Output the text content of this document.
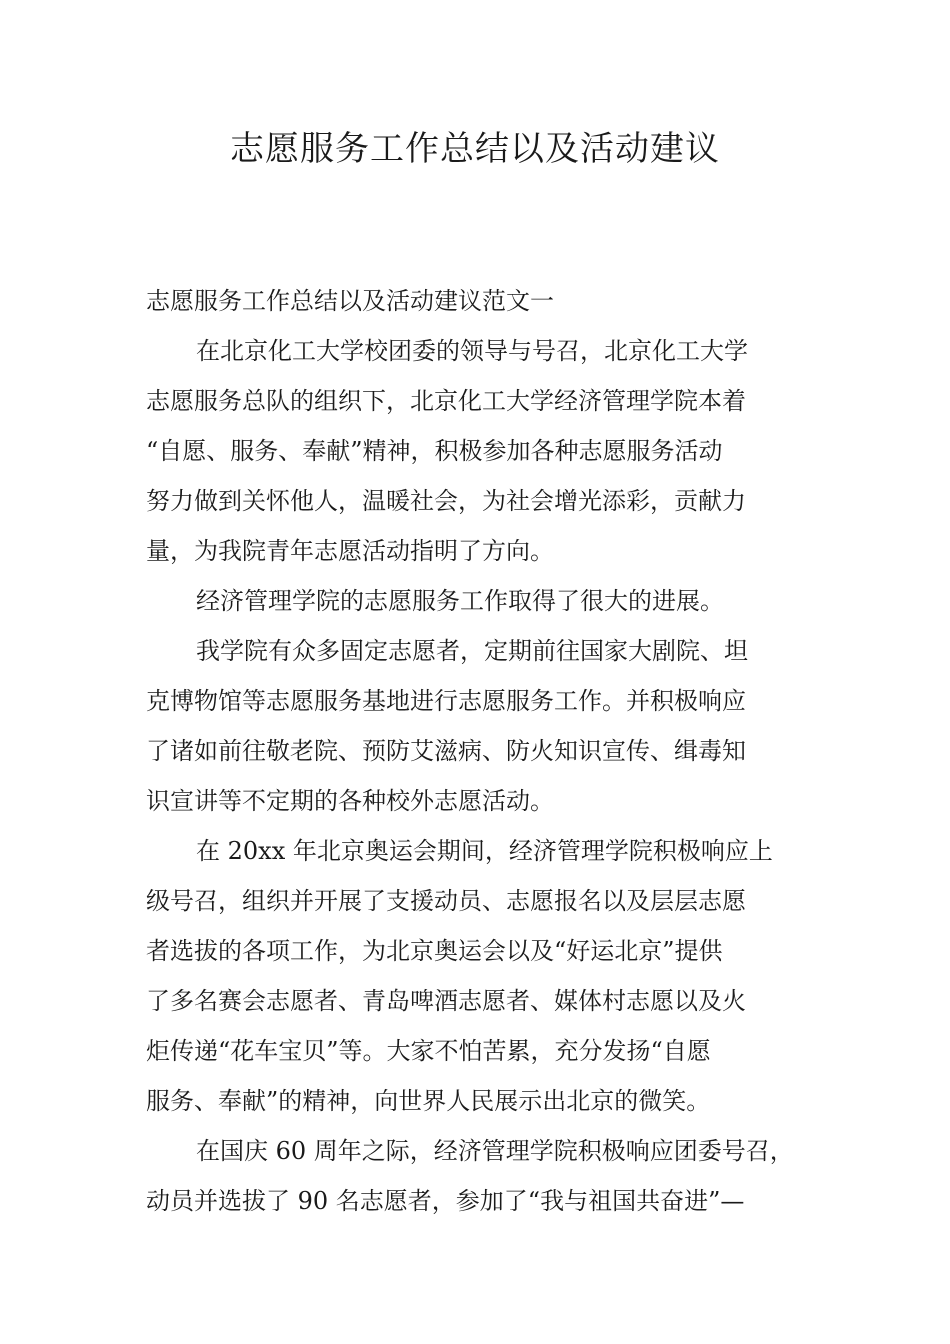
志愿服务工作总结以及活动建议

志愿服务工作总结以及活动建议范文一

在北京化工大学校团委的领导与号召，北京化工大学

志愿服务总队的组织下，北京化工大学经济管理学院本着

“自愿、服务、奉献”精神，积极参加各种志愿服务活动

努力做到关怀他人，温暖社会，为社会增光添彩，贡献力

量，为我院青年志愿活动指明了方向。

经济管理学院的志愿服务工作取得了很大的进展。

我学院有众多固定志愿者，定期前往国家大剧院、坦

克博物馆等志愿服务基地进行志愿服务工作。并积极响应

了诸如前往敬老院、预防艾滋病、防火知识宣传、缉毒知

识宣讲等不定期的各种校外志愿活动。

在 20xx 年北京奥运会期间，经济管理学院积极响应上

级号召，组织并开展了支援动员、志愿报名以及层层志愿

者选拔的各项工作，为北京奥运会以及“好运北京”提供

了多名赛会志愿者、青岛啤酒志愿者、媒体村志愿以及火

炬传递“花车宝贝”等。大家不怕苦累，充分发扬“自愿

服务、奉献”的精神，向世界人民展示出北京的微笑。

在国庆 60 周年之际，经济管理学院积极响应团委号召，

动员并选拔了 90 名志愿者，参加了“我与祖国共奋进”—
